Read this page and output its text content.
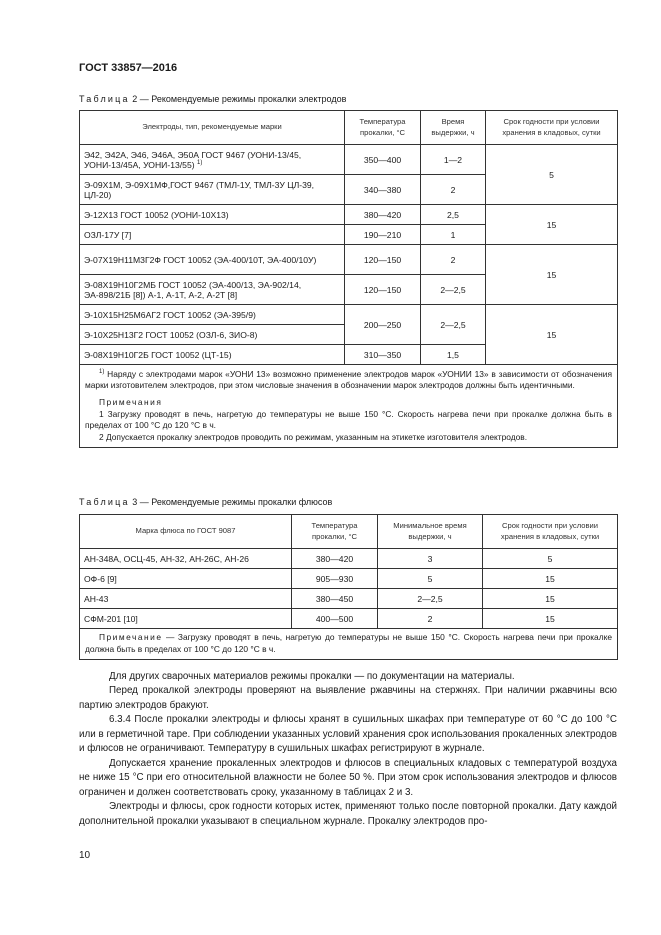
ГОСТ 33857—2016
Таблица 2 — Рекомендуемые режимы прокалки электродов
Электроды, тип, рекомендуемые марки	Температура прокалки, °С	Время выдержки, ч	Срок годности при условии хранения в кладовых, сутки
Э42, Э42А, Э46, Э46А, Э50А ГОСТ 9467 (УОНИ-13/45, УОНИ-13/45А, УОНИ-13/55) $^{1)}$	350—400	1—2	5
Э-09Х1М, Э-09Х1МФ,ГОСТ 9467 (ТМЛ-1У, ТМЛ-3У ЦЛ-39, ЦЛ-20)	340—380	2	
Э-12Х13 ГОСТ 10052 (УОНИ-10Х13)	380—420	2,5	15
ОЗЛ-17У [7]	190—210	1	
Э-07Х19Н11М3Г2Ф ГОСТ 10052 (ЭА-400/10Т, ЭА-400/10У)	120—150	2	15
Э-08Х19Н10Г2МБ ГОСТ 10052 (ЭА-400/13, ЭА-902/14, ЭА-898/21Б [8]) А-1, А-1Т, А-2, А-2Т [8]	120—150	2—2,5	
Э-10Х15Н25М6АГ2 ГОСТ 10052 (ЭА-395/9)	200—250	2—2,5	15
Э-10Х25Н13Г2 ГОСТ 10052 (ОЗЛ-6, ЗИО-8)			
Э-08Х19Н10Г2Б ГОСТ 10052 (ЦТ-15)	310—350	1,5	

$^{1)}$ Наряду с электродами марок «УОНИ 13» возможно применение электродов марок «УОНИИ 13» в зависимости от обозначения марки изготовителем электродов, при этом числовые значения в обозначении марок электродов должны быть идентичными.

Примечания

1 Загрузку проводят в печь, нагретую до температуры не выше 150 °С. Скорость нагрева печи при прокалке должна быть в пределах от 100 °С до 120 °С в ч.

2 Допускается прокалку электродов проводить по режимам, указанным на этикетке изготовителя электродов.			

Таблица 3 — Рекомендуемые режимы прокалки флюсов
Марка флюса по ГОСТ 9087	Температура прокалки, °С	Минимальное время выдержки, ч	Срок годности при условии хранения в кладовых, сутки
АН-348А, ОСЦ-45, АН-32, АН-26С, АН-26	380—420	3	5
ОФ-6 [9]	905—930	5	15
АН-43	380—450	2—2,5	15
СФМ-201 [10]	400—500	2	15

Примечание — Загрузку проводят в печь, нагретую до температуры не выше 150 °С. Скорость нагрева печи при прокалке должна быть в пределах от 100 °С до 120 °С в ч.			

Для других сварочных материалов режимы прокалки — по документации на материалы.

Перед прокалкой электроды проверяют на выявление ржавчины на стержнях. При наличии ржавчины всю партию электродов бракуют.

6.3.4 После прокалки электроды и флюсы хранят в сушильных шкафах при температуре от 60 °С до 100 °С или в герметичной таре. При соблюдении указанных условий хранения срок использования прокаленных электродов и флюсов не ограничивают. Температуру в сушильных шкафах регистрируют в журнале.

Допускается хранение прокаленных электродов и флюсов в специальных кладовых с температурой воздуха не ниже 15 °С при его относительной влажности не более 50 %. При этом срок использования электродов и флюсов ограничен и должен соответствовать сроку, указанному в таблицах 2 и 3.

Электроды и флюсы, срок годности которых истек, применяют только после повторной прокалки. Дату каждой дополнительной прокалки указывают в специальном журнале. Прокалку электродов про-

10
